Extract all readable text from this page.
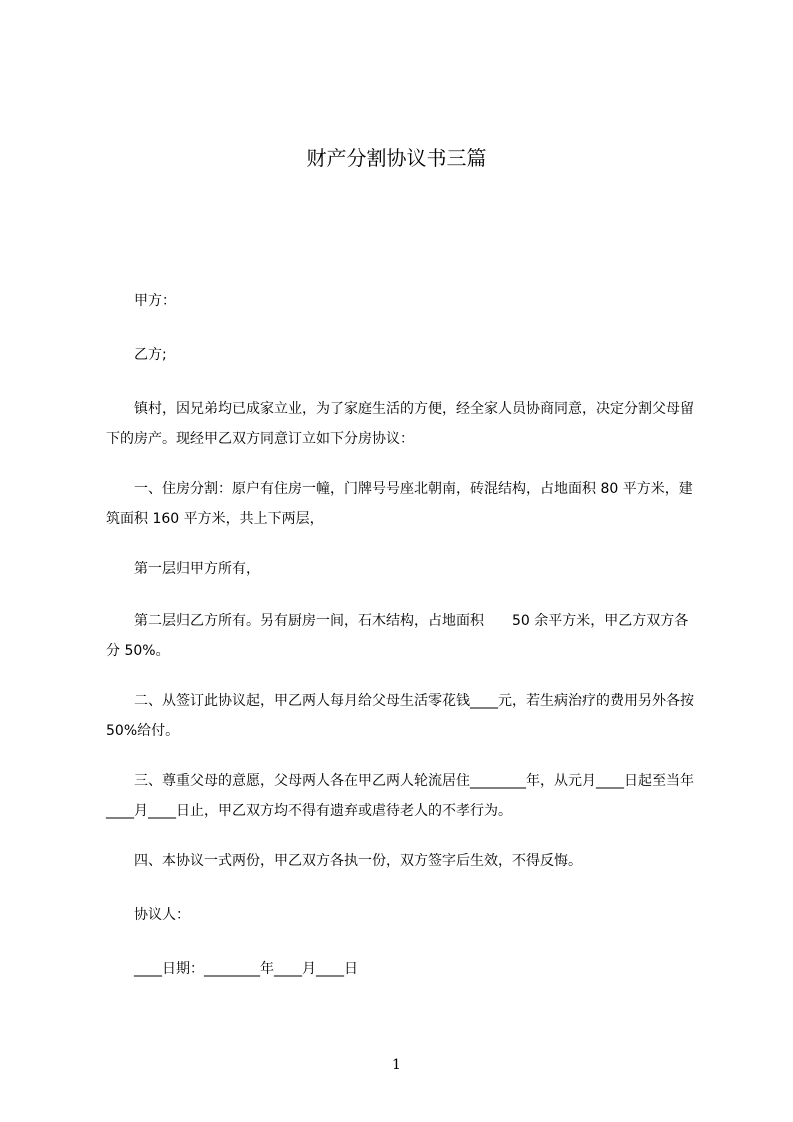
财产分割协议书三篇

甲方：

乙方;

镇村，因兄弟均已成家立业，为了家庭生活的方便，经全家人员协商同意，决定分割父母留下的房产。现经甲乙双方同意订立如下分房协议：

一、住房分割：原户有住房一幢，门牌号号座北朝南，砖混结构，占地面积 80 平方米，建筑面积 160 平方米，共上下两层，

第一层归甲方所有，

第二层归乙方所有。另有厨房一间，石木结构，占地面积　　50 余平方米，甲乙方双方各分 50%。

二、从签订此协议起，甲乙两人每月给父母生活零花钱____元，若生病治疗的费用另外各按 50%给付。

三、尊重父母的意愿，父母两人各在甲乙两人轮流居住________年，从元月____日起至当年____月____日止，甲乙双方均不得有遗弃或虐待老人的不孝行为。

四、本协议一式两份，甲乙双方各执一份，双方签字后生效，不得反悔。

协议人：

____日期：________年____月____日

1
